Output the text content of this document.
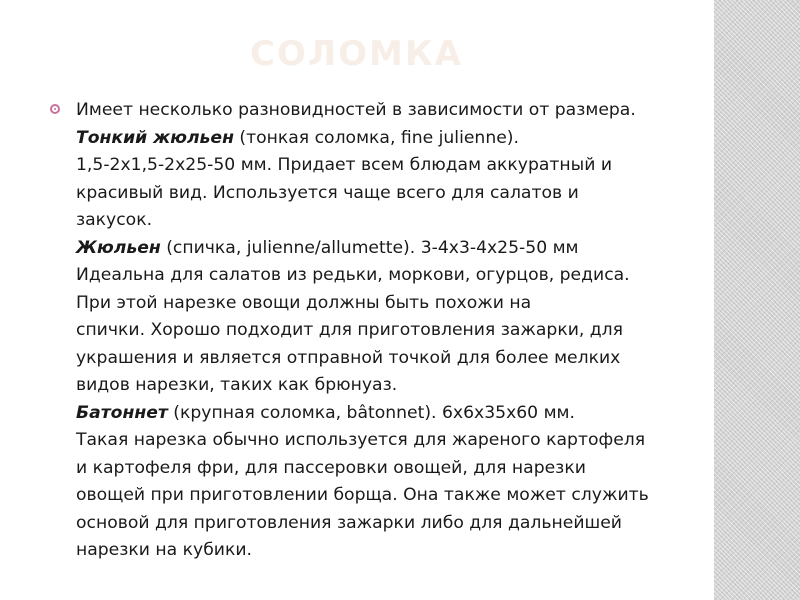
СОЛОМКА
Имеет несколько разновидностей в зависимости от размера.
Тонкий жюльен (тонкая соломка, fine julienne).
1,5-2х1,5-2х25-50 мм. Придает всем блюдам аккуратный и
красивый вид. Используется чаще всего для салатов и
закусок.
Жюльен (спичка, julienne/allumette). 3-4х3-4х25-50 мм
Идеальна для салатов из редьки, моркови, огурцов, редиса.
При этой нарезке овощи должны быть похожи на
спички. Хорошо подходит для приготовления зажарки, для
украшения и является отправной точкой для более мелких
видов нарезки, таких как брюнуаз.
Батоннет (крупная соломка, bâtonnet). 6х6х35х60 мм.
Такая нарезка обычно используется для жареного картофеля
и картофеля фри, для пассеровки овощей, для нарезки
овощей при приготовлении борща. Она также может служить
основой для приготовления зажарки либо для дальнейшей
нарезки на кубики.
